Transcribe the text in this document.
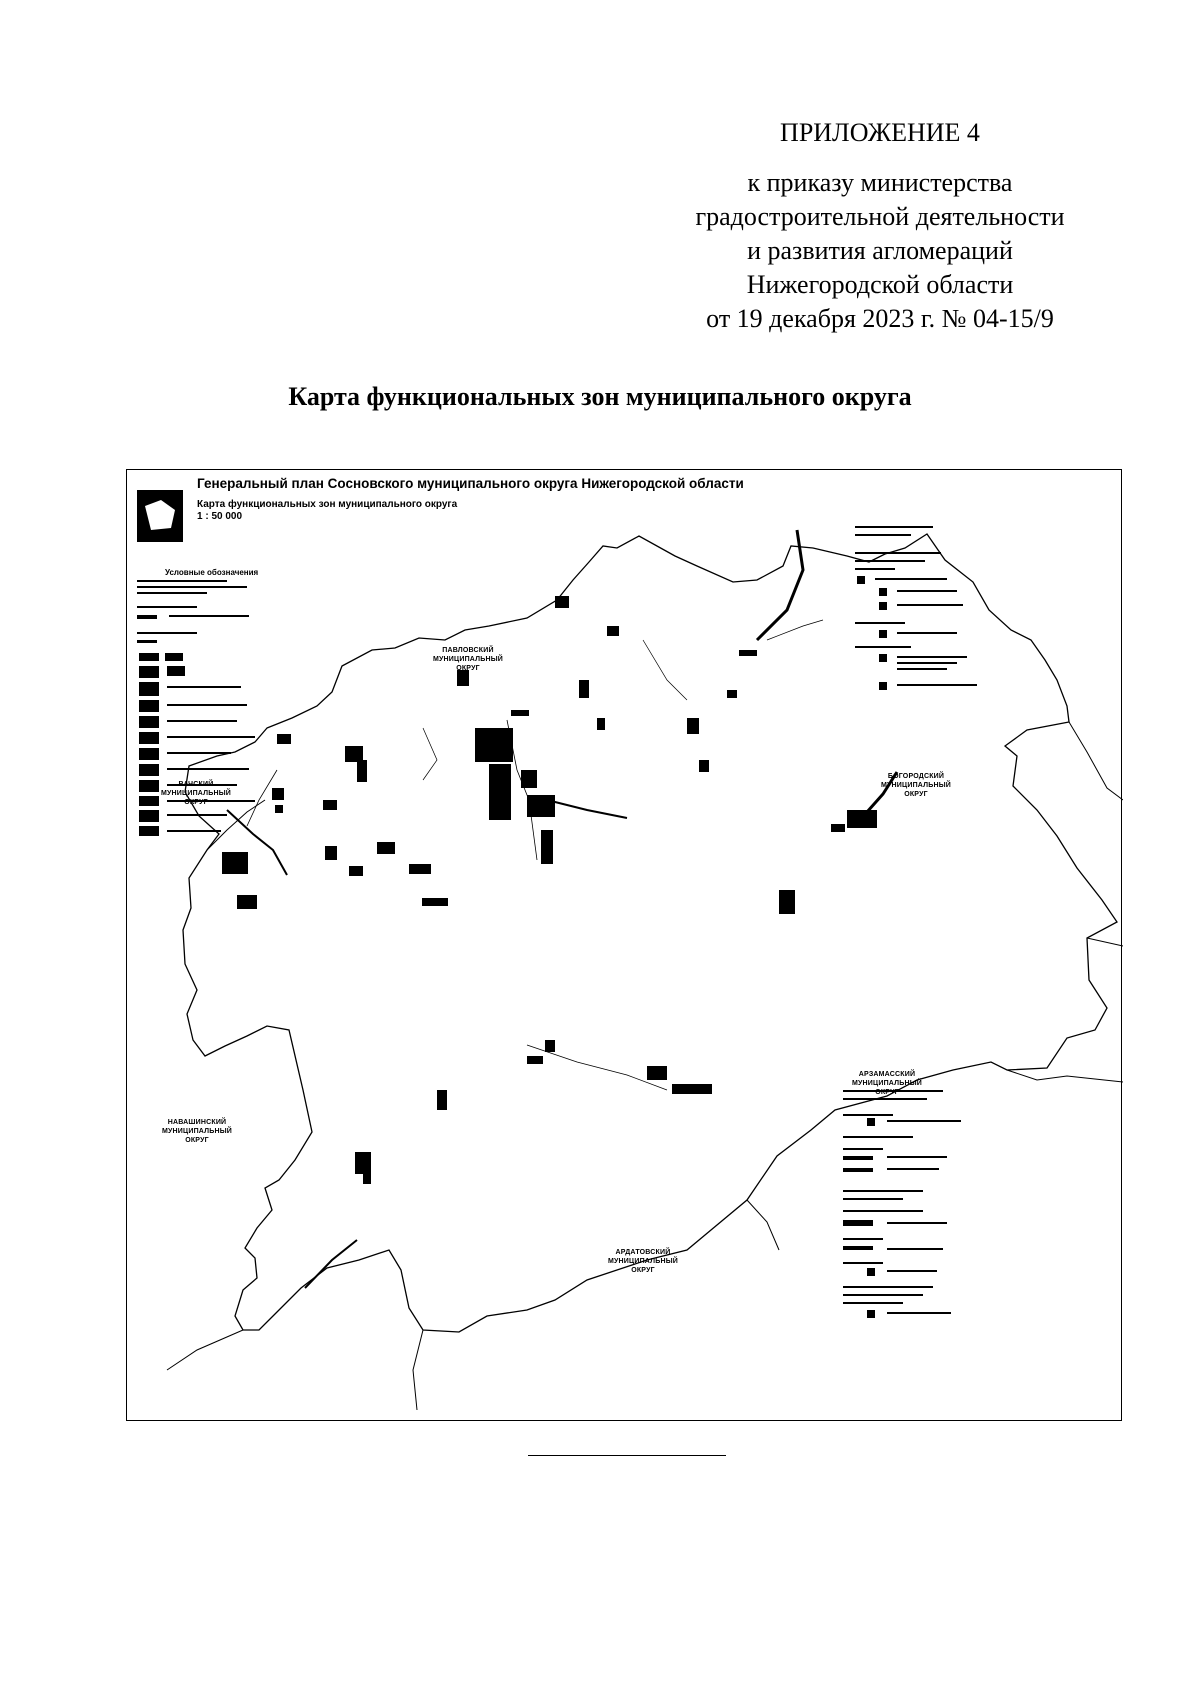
ПРИЛОЖЕНИЕ 4
к приказу министерства
градостроительной деятельности
и развития агломераций
Нижегородской области
от 19 декабря 2023 г. № 04-15/9
Карта функциональных зон муниципального округа
Генеральный план Сосновского муниципального округа Нижегородской области
Карта функциональных зон муниципального округа
1 : 50 000
Условные обозначения
ПАВЛОВСКИЙ
МУНИЦИПАЛЬНЫЙ
ОКРУГ
ВАЧСКИЙ
МУНИЦИПАЛЬНЫЙ
ОКРУГ
БОГОРОДСКИЙ
МУНИЦИПАЛЬНЫЙ
ОКРУГ
АРЗАМАССКИЙ
МУНИЦИПАЛЬНЫЙ
ОКРУГ
НАВАШИНСКИЙ
МУНИЦИПАЛЬНЫЙ
ОКРУГ
АРДАТОВСКИЙ
МУНИЦИПАЛЬНЫЙ
ОКРУГ
